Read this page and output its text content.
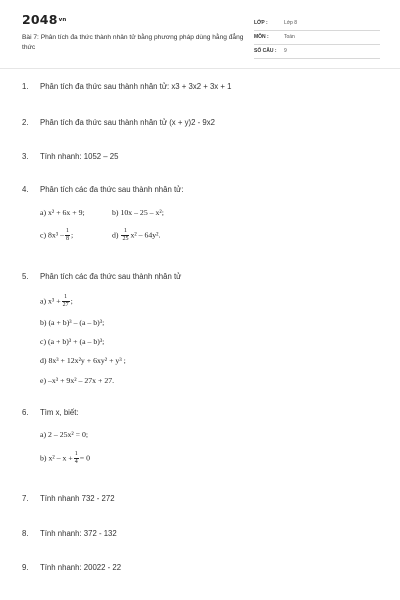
$2048^{vn}$
Bài 7: Phân tích đa thức thành nhân tử bằng phương pháp dùng hằng đẳng thức
LỚP :	Lớp 8
MÔN :	Toán
SỐ CÂU : 9
1. Phân tích đa thức sau thành nhân tử: x3 + 3x2 + 3x + 1
2. Phân tích đa thức sau thành nhân tử (x + y)2 - 9x2
3. Tính nhanh: 1052 – 25
4. Phân tích các đa thức sau thành nhân tử:
a) x² + 6x + 9;	b) 10x – 25 – x²;
c) $8x^3 - \frac{1}{8}$ ;	$d) \frac{1}{25} x^2 - 64y^2$.
5. Phân tích các đa thức sau thành nhân tử
a) $x^3 + \frac{1}{27}$ ;
b) (a + b)³ – (a – b)³;
c) (a + b)³ + (a – b)³;
d) 8x³ + 12x²y + 6xy² + y³ ;
e) –x³ + 9x² – 27x + 27.
6. Tìm x, biết:
a) 2 – 25x² = 0;
b) $x^2 - x + \frac{1}{4} = 0$
7. Tính nhanh 732 - 272
8. Tính nhanh: 372 - 132
9. Tính nhanh: 20022 - 22
